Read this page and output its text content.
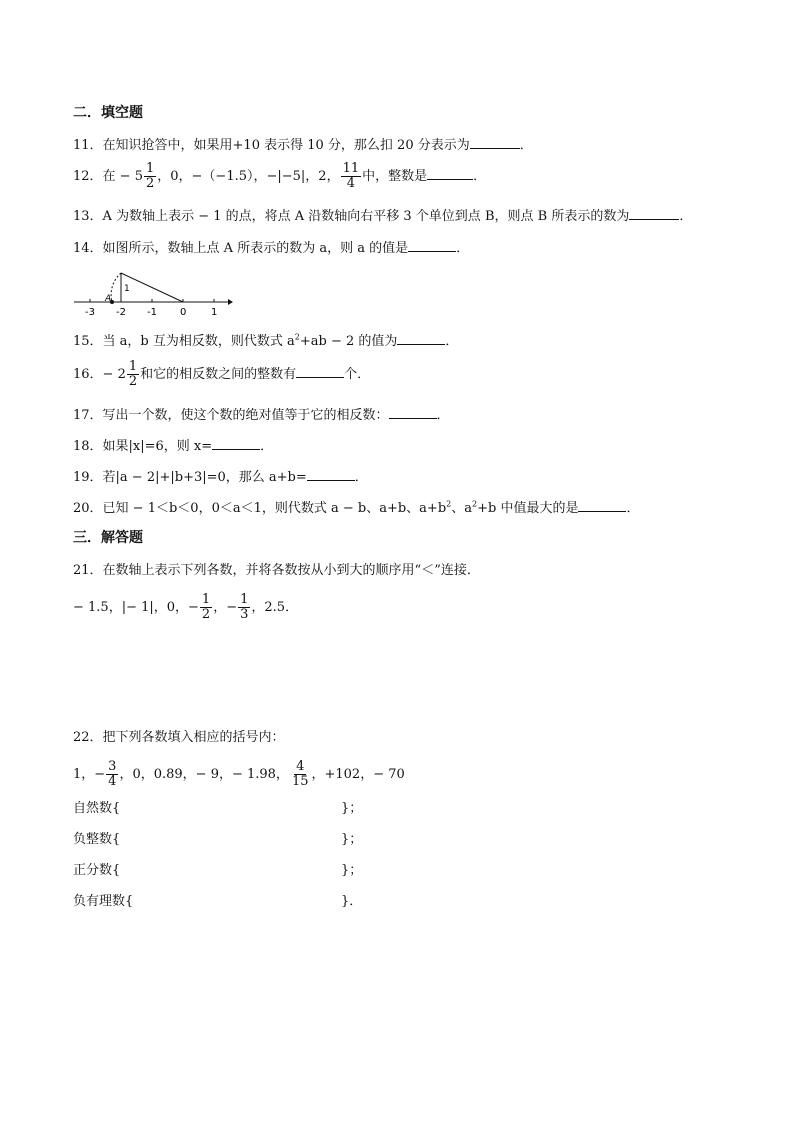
二．填空题
11．在知识抢答中，如果用+10 表示得 10 分，那么扣 20 分表示为	．
12．在 − $5 \frac{1}{2}$ ，0，−（−1.5），−|−5|，2， $\frac{11}{4}$ 中，整数是	．
13．A 为数轴上表示 − 1 的点，将点 A 沿数轴向右平移 3 个单位到点 B，则点 B 所表示的数为	．
14．如图所示，数轴上点 A 所表示的数为 a，则 a 的值是	．
A
1
-3 -2 -1 0 1
15．当 a，b 互为相反数，则代数式 $a^2+ab - 2$ 的值为	．
16．− $2 \frac{1}{2}$ 和它的相反数之间的整数有	个．
17．写出一个数，使这个数的绝对值等于它的相反数：	．
18．如果|x|=6，则 x=	．
19．若|a − 2|+|b+3|=0，那么 a+b=	．
20．已知 − 1＜b＜0，0＜a＜1，则代数式 a − b、a+b、$a+b^2$、$a^2+b$ 中值最大的是	．
三．解答题
21．在数轴上表示下列各数，并将各数按从小到大的顺序用“＜”连接．
− 1.5，|− 1|，0，− $\frac{1}{2}$ ，− $\frac{1}{3}$ ，2.5．
22．把下列各数填入相应的括号内：
1，− $\frac{3}{4}$ ，0，0.89，− 9，− 1.98， $\frac{4}{15}$ ，+102，− 70
自然数{	}；
负整数{	}；
正分数{	}；
负有理数{	}．
